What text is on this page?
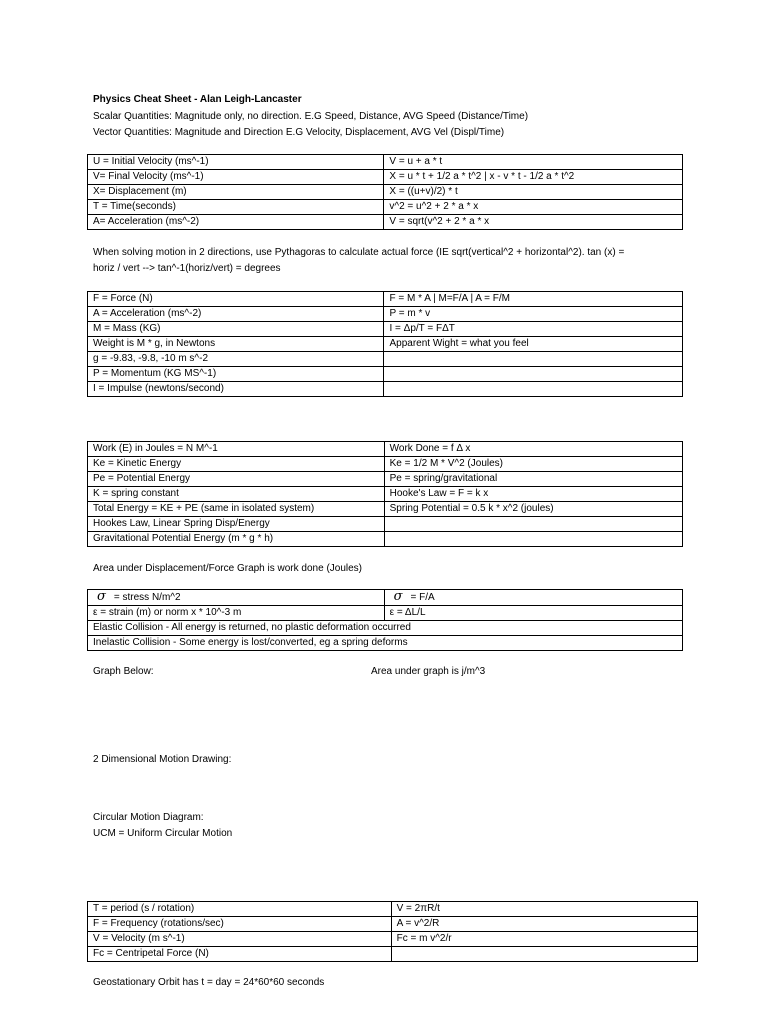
Physics Cheat Sheet - Alan Leigh-Lancaster
Scalar Quantities: Magnitude only, no direction. E.G Speed, Distance, AVG Speed (Distance/Time)
Vector Quantities: Magnitude and Direction E.G Velocity, Displacement, AVG Vel (Displ/Time)
U = Initial Velocity (ms^-1)	V = u + a * t
V= Final Velocity (ms^-1)	X = u * t + 1/2 a * t^2 | x - v * t - 1/2 a * t^2
X= Displacement (m)	X = ((u+v)/2) * t
T = Time(seconds)	v^2 = u^2 + 2 * a * x
A= Acceleration (ms^-2)	V = sqrt(v^2 + 2 * a * x
When solving motion in 2 directions, use Pythagoras to calculate actual force (IE sqrt(vertical^2 + horizontal^2). tan (x) =
horiz / vert --> tan^-1(horiz/vert) = degrees
F = Force (N)	F = M * A | M=F/A | A = F/M
A = Acceleration (ms^-2)	P = m * v
M = Mass (KG)	I = Δp/T = FΔT
Weight is M * g, in Newtons	Apparent Wight = what you feel
g = -9.83, -9.8, -10 m s^-2	
P = Momentum (KG MS^-1)	
I = Impulse (newtons/second)	
Work (E) in Joules = N M^-1	Work Done = f Δ x
Ke = Kinetic Energy	Ke = 1/2 M * V^2 (Joules)
Pe = Potential Energy	Pe = spring/gravitational
K = spring constant	Hooke's Law = F = k x
Total Energy = KE + PE (same in isolated system)	Spring Potential = 0.5 k * x^2 (joules)
Hookes Law, Linear Spring Disp/Energy	
Gravitational Potential Energy (m * g * h)	
Area under Displacement/Force Graph is work done (Joules)
σ = stress N/m^2	σ = F/A
ε = strain (m) or norm x * 10^-3 m	ε = ΔL/L
Elastic Collision - All energy is returned, no plastic deformation occurred	
Inelastic Collision - Some energy is lost/converted, eg a spring deforms	
Graph Below:	Area under graph is j/m^3
2 Dimensional Motion Drawing:
Circular Motion Diagram:
UCM = Uniform Circular Motion
T = period (s / rotation)	V = 2πR/t
F = Frequency (rotations/sec)	A = v^2/R
V = Velocity (m s^-1)	Fc = m v^2/r
Fc = Centripetal Force (N)	
Geostationary Orbit has t = day = 24*60*60 seconds
